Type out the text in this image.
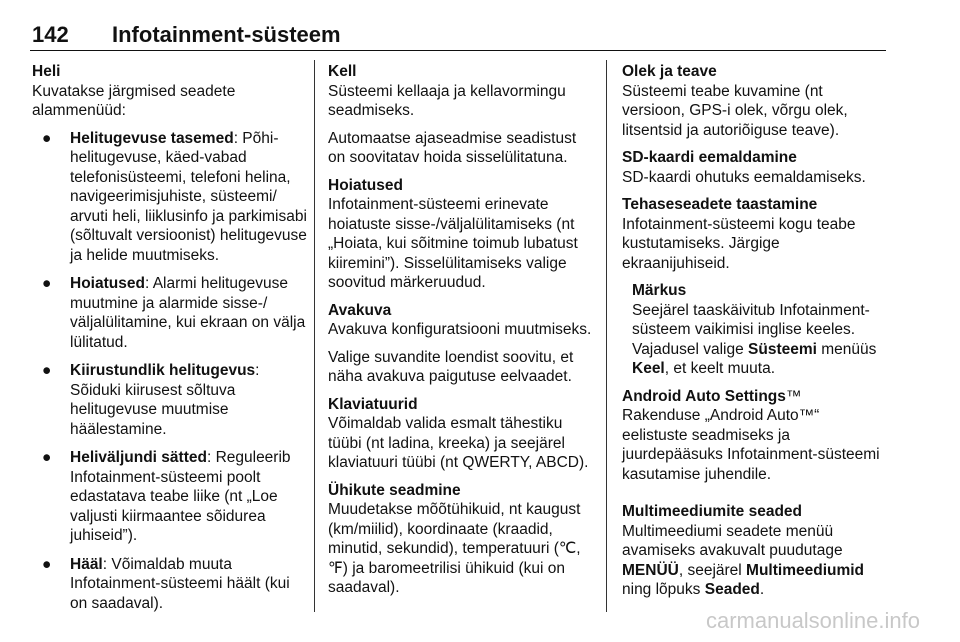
142 Infotainment-süsteem

Heli
Kuvatakse järgmised seadete alammenüüd:

● Helitugevuse tasemed: Põhi-helitugevuse, käed-vabad telefonisüsteemi, telefoni helina, navigeerimisjuhiste, süsteemi/ arvuti heli, liiklusinfo ja parkimisabi (sõltuvalt versioonist) helitugevuse ja helide muutmiseks.
● Hoiatused: Alarmi helitugevuse muutmine ja alarmide sisse-/ väljalülitamine, kui ekraan on välja lülitatud.
● Kiirustundlik helitugevus: Sõiduki kiirusest sõltuva helitugevuse muutmise häälestamine.
● Heliväljundi sätted: Reguleerib Infotainment-süsteemi poolt edastatava teabe liike (nt „Loe valjusti kiirmaantee sõidurea juhiseid”).
● Hääl: Võimaldab muuta Infotainment-süsteemi häält (kui on saadaval).

Kell
Süsteemi kellaaja ja kellavormingu seadmiseks.

Automaatse ajaseadmise seadistust on soovitatav hoida sisselülitatuna.

Hoiatused
Infotainment-süsteemi erinevate hoiatuste sisse-/väljalülitamiseks (nt „Hoiata, kui sõitmine toimub lubatust kiiremini”). Sisselülitamiseks valige soovitud märkeruudud.

Avakuva
Avakuva konfiguratsiooni muutmiseks.

Valige suvandite loendist soovitu, et näha avakuva paigutuse eelvaadet.

Klaviatuurid
Võimaldab valida esmalt tähestiku tüübi (nt ladina, kreeka) ja seejärel klaviatuuri tüübi (nt QWERTY, ABCD).

Ühikute seadmine
Muudetakse mõõtühikuid, nt kaugust (km/miilid), koordinaate (kraadid, minutid, sekundid), temperatuuri (℃, ℉) ja baromeetrilisi ühikuid (kui on saadaval).

Olek ja teave
Süsteemi teabe kuvamine (nt versioon, GPS-i olek, võrgu olek, litsentsid ja autoriõiguse teave).

SD-kaardi eemaldamine
SD-kaardi ohutuks eemaldamiseks.

Tehaseseadete taastamine
Infotainment-süsteemi kogu teabe kustutamiseks. Järgige ekraanijuhiseid.

Märkus
Seejärel taaskäivitub Infotainment-süsteem vaikimisi inglise keeles. Vajadusel valige Süsteemi menüüs Keel, et keelt muuta.

Android Auto Settings™
Rakenduse „Android Auto™“ eelistuste seadmiseks ja juurdepääsuks Infotainment-süsteemi kasutamise juhendile.

Multimeediumite seaded
Multimeediumi seadete menüü avamiseks avakuvalt puudutage MENÜÜ, seejärel Multimeediumid ning lõpuks Seaded.

carmanualsonline.info
